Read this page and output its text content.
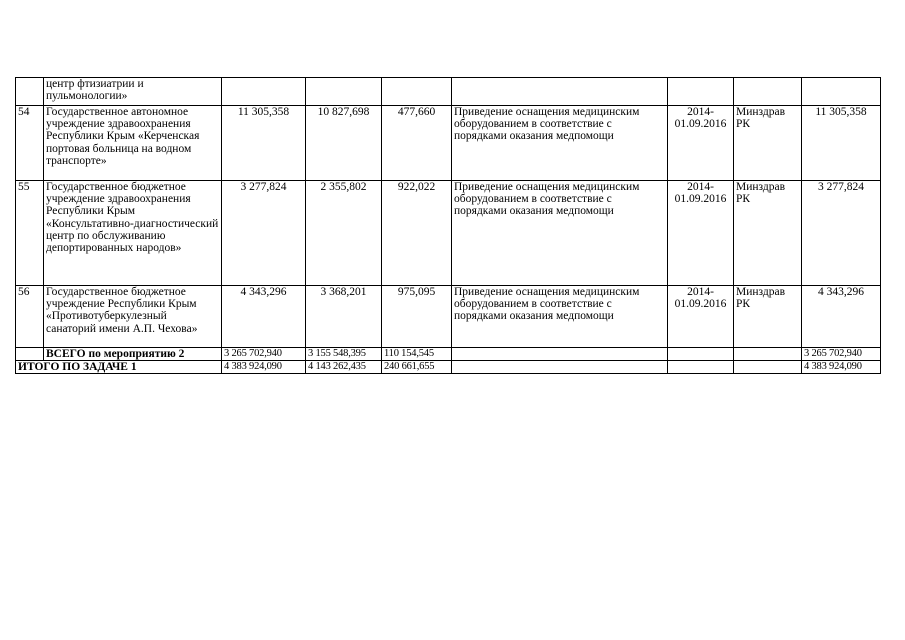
	центр фтизиатрии и пульмонологии»							
54	Государственное автономное учреждение здравоохранения Республики Крым «Керченская портовая больница на водном транспорте»	11 305,358	10 827,698	477,660	Приведение оснащения медицинским оборудованием в соответствие с порядками оказания медпомощи	2014-01.09.2016	Минздрав РК	11 305,358
55	Государственное бюджетное учреждение здравоохранения Республики Крым «Консультативно-диагностический центр по обслуживанию депортированных народов»	3 277,824	2 355,802	922,022	Приведение оснащения медицинским оборудованием в соответствие с порядками оказания медпомощи	2014-01.09.2016	Минздрав РК	3 277,824
56	Государственное бюджетное учреждение Республики Крым «Противотуберкулезный санаторий имени А.П. Чехова»	4 343,296	3 368,201	975,095	Приведение оснащения медицинским оборудованием в соответствие с порядками оказания медпомощи	2014-01.09.2016	Минздрав РК	4 343,296
	ВСЕГО по мероприятию 2	3 265 702,940	3 155 548,395	110 154,545				3 265 702,940
ИТОГО ПО ЗАДАЧЕ 1		4 383 924,090	4 143 262,435	240 661,655				4 383 924,090
